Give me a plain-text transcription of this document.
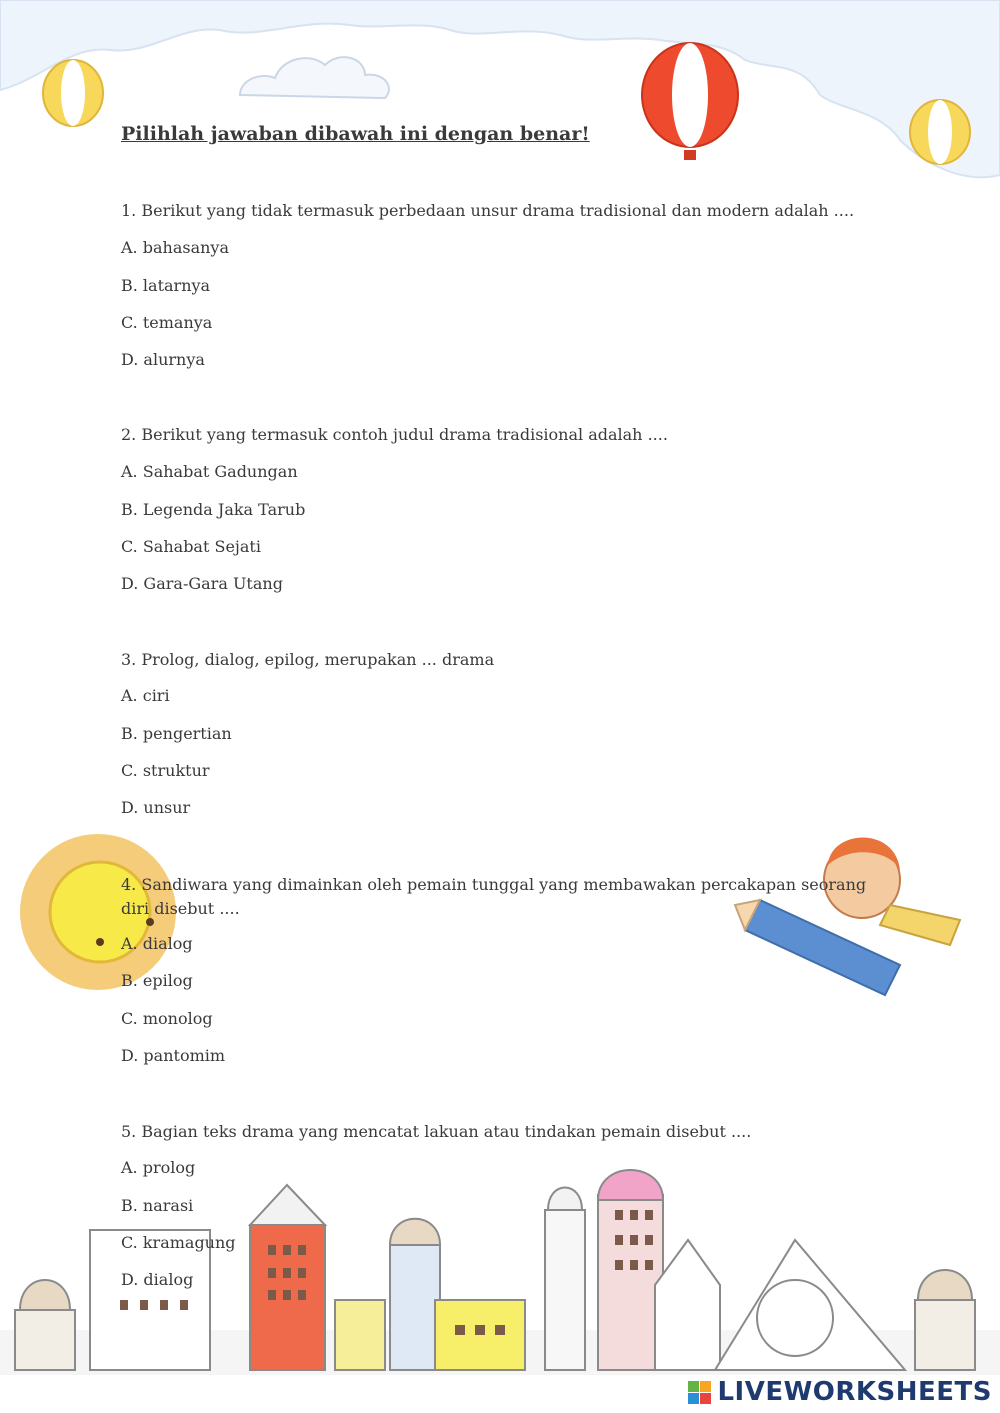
Pilihlah jawaban dibawah ini dengan benar!
1. Berikut yang tidak termasuk perbedaan unsur drama tradisional dan modern adalah ....
A. bahasanya
B. latarnya
C. temanya
D. alurnya
2. Berikut yang termasuk contoh judul drama tradisional adalah ....
A. Sahabat Gadungan
B. Legenda Jaka Tarub
C. Sahabat Sejati
D. Gara-Gara Utang
3. Prolog, dialog, epilog, merupakan ... drama
A. ciri
B. pengertian
C. struktur
D. unsur
4. Sandiwara yang dimainkan oleh pemain tunggal yang membawakan percakapan seorang diri disebut ....
A. dialog
B. epilog
C. monolog
D. pantomim
5. Bagian teks drama yang mencatat lakuan atau tindakan pemain disebut ....
A. prolog
B. narasi
C. kramagung
D. dialog
LIVEWORKSHEETS
